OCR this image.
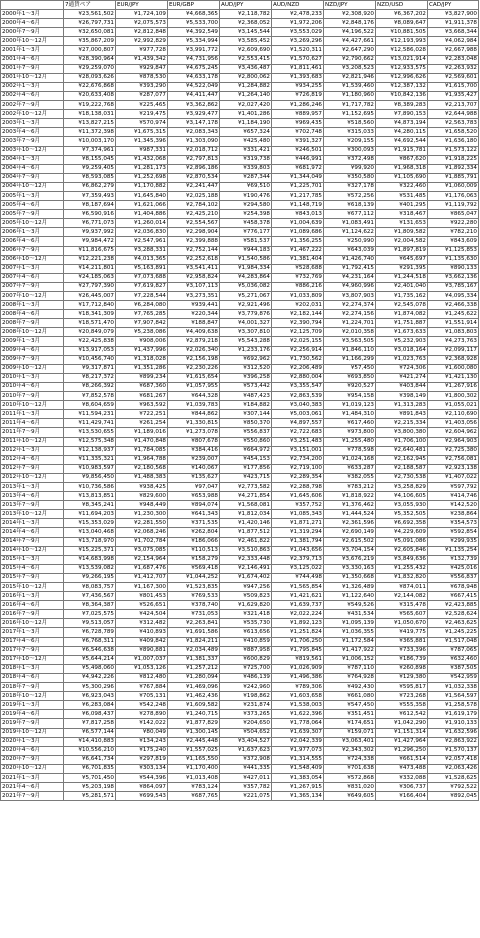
	7通貨ペア	EUR/JPY	EUR/GBP	AUD/JPY	AUD/NZD	NZD/JPY	NZD/USD	CAD/JPY
2000年1〜3月	¥23,561,502	¥1,724,109	¥4,668,365	¥2,118,782	¥2,478,233	¥2,308,920	¥6,367,202	¥3,827,900
2000年4〜6月	¥26,797,731	¥2,075,573	¥5,533,700	¥2,368,052	¥1,972,206	¥2,848,176	¥8,089,647	¥1,911,378
2000年7〜9月	¥32,650,081	¥2,812,848	¥4,392,549	¥3,145,544	¥3,553,029	¥4,196,522	¥10,881,505	¥3,668,344
2000年10〜12月	¥35,867,209	¥2,992,829	¥5,334,994	¥3,585,452	¥3,269,296	¥4,427,661	¥12,193,993	¥4,062,984
2001年1〜3月	¥27,000,807	¥977,728	¥3,991,772	¥2,609,690	¥1,520,311	¥2,647,290	¥12,586,028	¥2,667,988
2001年4〜6月	¥28,390,964	¥1,439,342	¥4,731,956	¥2,553,415	¥1,570,627	¥2,790,662	¥13,021,914	¥2,283,048
2001年7〜9月	¥29,259,070	¥929,847	¥4,675,245	¥3,436,487	¥1,811,461	¥3,208,523	¥12,933,575	¥2,263,932
2001年10〜12月	¥28,093,626	¥878,530	¥4,633,178	¥2,800,062	¥1,393,683	¥2,821,946	¥12,996,626	¥2,569,601
2002年1〜3月	¥22,676,868	¥393,290	¥4,522,049	¥1,284,882	¥934,255	¥1,539,460	¥12,387,132	¥1,615,700
2002年4〜6月	¥20,633,408	¥287,077	¥4,411,447	¥1,264,140	¥726,819	¥1,180,960	¥10,842,136	¥1,935,427
2002年7〜9月	¥19,222,768	¥225,465	¥3,362,862	¥2,027,420	¥1,286,246	¥1,717,782	¥8,389,283	¥2,213,707
2002年10〜12月	¥18,138,031	¥219,475	¥3,929,477	¥1,401,286	¥889,957	¥1,152,695	¥7,890,153	¥2,644,988
2003年1〜3月	¥13,827,215	¥570,974	¥3,147,178	¥1,184,190	¥969,435	¥518,560	¥4,873,194	¥2,563,783
2003年4〜6月	¥11,372,398	¥1,675,315	¥2,083,343	¥657,324	¥702,748	¥315,033	¥4,280,115	¥1,658,520
2003年7〜9月	¥10,003,170	¥1,345,396	¥1,303,090	¥425,480	¥391,327	¥209,155	¥4,692,544	¥1,636,180
2003年10〜12月	¥7,374,961	¥987,331	¥2,018,712	¥331,421	¥246,501	¥300,093	¥1,915,781	¥1,573,122
2004年1〜3月	¥8,155,045	¥1,432,068	¥2,797,813	¥319,738	¥446,991	¥372,498	¥867,620	¥1,918,225
2004年4〜6月	¥9,259,405	¥1,281,173	¥2,896,186	¥339,803	¥681,972	¥99,920	¥1,968,318	¥1,892,334
2004年7〜9月	¥8,593,085	¥1,252,698	¥2,870,534	¥287,344	¥1,344,049	¥350,580	¥1,105,690	¥1,885,791
2004年10〜12月	¥6,862,279	¥1,170,882	¥2,241,447	¥69,510	¥1,225,701	¥327,178	¥322,460	¥1,060,009
2005年1〜3月	¥7,359,493	¥1,645,840	¥2,025,188	¥190,476	¥1,217,785	¥572,256	¥531,485	¥1,176,063
2005年4〜6月	¥8,187,694	¥1,621,066	¥2,784,102	¥294,580	¥1,148,719	¥618,139	¥401,295	¥1,119,792
2005年7〜9月	¥6,590,916	¥1,404,886	¥2,425,210	¥254,398	¥843,013	¥677,112	¥318,467	¥865,047
2005年10〜12月	¥6,771,073	¥1,260,014	¥2,554,567	¥458,378	¥1,004,639	¥1,083,491	¥131,653	¥922,280
2006年1〜3月	¥9,937,992	¥2,036,830	¥2,298,904	¥776,177	¥1,089,686	¥1,124,622	¥1,809,582	¥782,210
2006年4〜6月	¥9,984,472	¥2,547,961	¥2,399,888	¥581,537	¥1,356,255	¥250,990	¥2,004,582	¥843,609
2006年7〜9月	¥11,816,675	¥3,288,331	¥2,752,144	¥944,183	¥1,467,222	¥643,039	¥1,897,819	¥1,125,853
2006年10〜12月	¥12,221,238	¥4,013,365	¥2,252,618	¥1,540,586	¥1,381,404	¥1,426,740	¥645,697	¥1,135,630
2007年1〜3月	¥14,211,801	¥5,163,891	¥3,541,411	¥1,984,334	¥528,688	¥1,792,415	¥291,395	¥890,133
2007年4〜6月	¥24,185,063	¥7,073,688	¥2,958,824	¥4,283,864	¥732,769	¥4,231,164	¥1,244,518	¥3,662,136
2007年7〜9月	¥27,797,390	¥7,619,827	¥3,107,113	¥5,036,082	¥886,216	¥4,960,996	¥2,401,040	¥3,785,167
2007年10〜12月	¥26,445,007	¥7,228,544	¥3,273,351	¥5,271,067	¥1,033,809	¥3,807,903	¥1,735,162	¥4,095,334
2008年1〜3月	¥17,712,840	¥6,284,080	¥939,441	¥2,921,496	¥202,031	¥2,274,374	¥2,545,078	¥2,466,338
2008年4〜6月	¥18,341,309	¥7,765,285	¥220,344	¥3,779,876	¥2,182,144	¥2,274,156	¥1,874,082	¥1,245,622
2008年7〜9月	¥18,571,470	¥7,907,842	¥188,847	¥4,001,327	¥2,390,794	¥1,224,701	¥1,751,887	¥1,551,914
2008年10〜12月	¥20,849,079	¥5,238,086	¥4,409,638	¥3,307,810	¥2,125,709	¥2,010,358	¥1,673,633	¥1,083,803
2009年1〜3月	¥22,425,838	¥908,006	¥2,879,218	¥5,543,288	¥2,025,155	¥3,563,505	¥5,232,903	¥4,273,763
2009年4〜6月	¥13,917,053	¥1,437,996	¥2,026,340	¥1,233,176	¥2,256,914	¥1,846,110	¥3,018,164	¥2,099,117
2009年7〜9月	¥10,456,740	¥1,318,028	¥2,156,198	¥692,962	¥1,730,562	¥1,166,299	¥1,023,763	¥2,368,928
2009年10〜12月	¥9,317,871	¥1,351,286	¥2,230,226	¥312,520	¥2,206,489	¥57,450	¥724,306	¥1,600,080
2010年1〜3月	¥8,217,372	¥899,234	¥1,615,654	¥396,258	¥2,880,004	¥693,850	¥421,274	¥1,421,130
2010年4〜6月	¥8,266,392	¥687,360	¥1,057,955	¥573,442	¥3,355,547	¥920,527	¥403,844	¥1,267,916
2010年7〜9月	¥7,852,578	¥681,267	¥644,328	¥487,423	¥2,863,539	¥954,158	¥398,149	¥1,800,302
2010年10〜12月	¥8,604,659	¥963,592	¥1,039,783	¥184,882	¥3,040,383	¥1,019,123	¥1,313,283	¥1,055,021
2011年1〜3月	¥11,594,231	¥722,251	¥844,862	¥307,144	¥5,003,061	¥1,484,310	¥891,843	¥2,110,690
2011年4〜6月	¥11,429,741	¥261,254	¥1,330,815	¥850,370	¥4,897,557	¥617,460	¥2,215,334	¥1,403,056
2011年7〜9月	¥13,530,655	¥1,189,016	¥1,273,078	¥556,837	¥2,722,683	¥973,800	¥3,800,380	¥2,604,962
2011年10〜12月	¥12,575,348	¥1,470,848	¥807,678	¥550,860	¥3,251,483	¥1,255,480	¥1,706,100	¥2,964,903
2012年1〜3月	¥12,138,937	¥1,784,085	¥384,416	¥664,972	¥3,151,001	¥778,598	¥2,640,481	¥2,725,380
2012年4〜6月	¥11,335,321	¥1,964,788	¥239,007	¥454,153	¥2,734,200	¥1,024,168	¥2,162,945	¥2,756,081
2012年7〜9月	¥10,983,597	¥2,180,568	¥140,067	¥177,856	¥2,719,100	¥633,287	¥2,188,587	¥2,923,138
2012年10〜12月	¥9,856,450	¥1,488,383	¥135,627	¥423,715	¥2,289,354	¥382,055	¥2,730,538	¥1,407,022
2013年1〜3月	¥10,736,586	¥938,425	¥97,047	¥2,773,582	¥2,288,798	¥783,212	¥3,258,829	¥597,792
2013年4〜6月	¥13,813,851	¥829,600	¥653,988	¥4,271,854	¥1,645,606	¥1,818,922	¥4,106,605	¥414,746
2013年7〜9月	¥8,345,241	¥948,449	¥894,074	¥1,568,081	¥357,752	¥1,376,462	¥3,055,930	¥142,520
2013年10〜12月	¥11,694,203	¥1,230,300	¥641,343	¥1,812,034	¥1,085,343	¥1,444,524	¥5,352,505	¥238,864
2014年1〜3月	¥15,353,029	¥2,281,550	¥371,535	¥1,420,146	¥1,871,271	¥2,361,596	¥6,692,358	¥354,573
2014年4〜6月	¥13,040,468	¥2,068,246	¥262,804	¥1,877,512	¥1,319,294	¥2,690,149	¥4,229,609	¥592,854
2014年7〜9月	¥13,718,970	¥1,702,784	¥186,066	¥2,461,822	¥1,381,794	¥2,615,502	¥5,091,086	¥299,935
2014年10〜12月	¥15,225,371	¥3,075,085	¥110,513	¥3,510,863	¥1,043,656	¥3,704,154	¥2,605,846	¥1,135,254
2015年1〜3月	¥14,683,998	¥2,154,964	¥158,279	¥2,333,448	¥2,379,713	¥3,676,219	¥3,849,636	¥132,739
2015年4〜6月	¥13,539,082	¥1,687,476	¥569,418	¥2,146,491	¥3,125,022	¥3,330,163	¥1,255,432	¥425,016
2015年7〜9月	¥9,266,195	¥1,412,707	¥1,044,252	¥1,674,402	¥744,498	¥1,350,668	¥1,832,820	¥556,837
2015年10〜12月	¥8,083,757	¥1,167,300	¥1,523,835	¥947,256	¥1,565,854	¥1,326,489	¥874,011	¥678,948
2016年1〜3月	¥7,436,567	¥801,453	¥769,533	¥509,823	¥1,421,621	¥1,122,640	¥2,144,082	¥667,415
2016年4〜6月	¥8,364,387	¥526,651	¥378,740	¥1,629,820	¥1,639,737	¥549,526	¥315,478	¥2,423,885
2016年7〜9月	¥7,025,575	¥424,504	¥731,053	¥321,418	¥2,022,224	¥431,534	¥565,607	¥2,528,624
2016年10〜12月	¥9,513,057	¥312,482	¥2,263,841	¥535,730	¥1,892,123	¥1,095,139	¥1,050,670	¥2,463,625
2017年1〜3月	¥6,728,789	¥410,893	¥1,691,586	¥613,656	¥1,251,824	¥1,036,355	¥419,775	¥1,245,225
2017年4〜6月	¥6,768,311	¥409,842	¥1,824,211	¥410,859	¥1,706,250	¥1,172,584	¥365,881	¥1,517,048
2017年7〜9月	¥6,546,638	¥890,881	¥2,034,489	¥887,958	¥1,795,845	¥1,417,922	¥733,396	¥787,065
2017年10〜12月	¥5,644,214	¥1,007,037	¥1,381,337	¥600,829	¥819,561	¥1,006,152	¥186,739	¥632,460
2018年1〜3月	¥5,498,060	¥1,053,126	¥1,257,212	¥725,700	¥1,026,909	¥787,110	¥260,898	¥387,505
2018年4〜6月	¥4,942,226	¥812,480	¥1,280,094	¥486,139	¥1,496,386	¥764,928	¥129,380	¥542,959
2018年7〜9月	¥5,300,296	¥767,884	¥1,469,096	¥242,960	¥789,306	¥492,430	¥595,817	¥1,032,338
2018年10〜12月	¥6,923,043	¥705,131	¥1,462,436	¥198,862	¥1,603,658	¥661,080	¥723,268	¥1,564,597
2019年1〜3月	¥6,283,084	¥542,248	¥1,609,582	¥231,874	¥1,538,003	¥547,450	¥555,358	¥1,258,578
2019年4〜6月	¥6,098,437	¥278,890	¥1,240,715	¥373,265	¥1,622,396	¥351,451	¥612,542	¥1,619,179
2019年7〜9月	¥7,817,258	¥142,022	¥1,877,829	¥204,650	¥1,778,064	¥174,651	¥1,042,290	¥1,910,133
2019年10〜12月	¥6,577,144	¥80,049	¥1,300,145	¥504,652	¥1,639,307	¥159,071	¥1,151,314	¥1,632,596
2020年1〜3月	¥14,410,883	¥134,243	¥2,445,448	¥3,404,527	¥2,042,339	¥3,063,401	¥1,427,964	¥2,863,922
2020年4〜6月	¥10,556,210	¥175,240	¥1,557,025	¥1,637,623	¥1,977,073	¥2,343,302	¥1,296,250	¥1,570,137
2020年7〜9月	¥6,641,734	¥297,819	¥1,165,550	¥372,908	¥1,314,555	¥724,338	¥661,514	¥2,057,418
2020年10〜12月	¥6,701,835	¥303,134	¥1,170,400	¥441,335	¥1,548,409	¥701,638	¥473,488	¥2,063,426
2021年1〜3月	¥5,701,450	¥544,396	¥1,013,408	¥427,011	¥1,383,054	¥572,868	¥332,088	¥1,528,625
2021年4〜6月	¥5,203,198	¥864,097	¥783,124	¥357,782	¥1,267,915	¥831,020	¥306,737	¥792,522
2021年7〜9月	¥5,281,571	¥699,543	¥687,765	¥221,075	¥1,365,134	¥649,605	¥166,404	¥892,045
